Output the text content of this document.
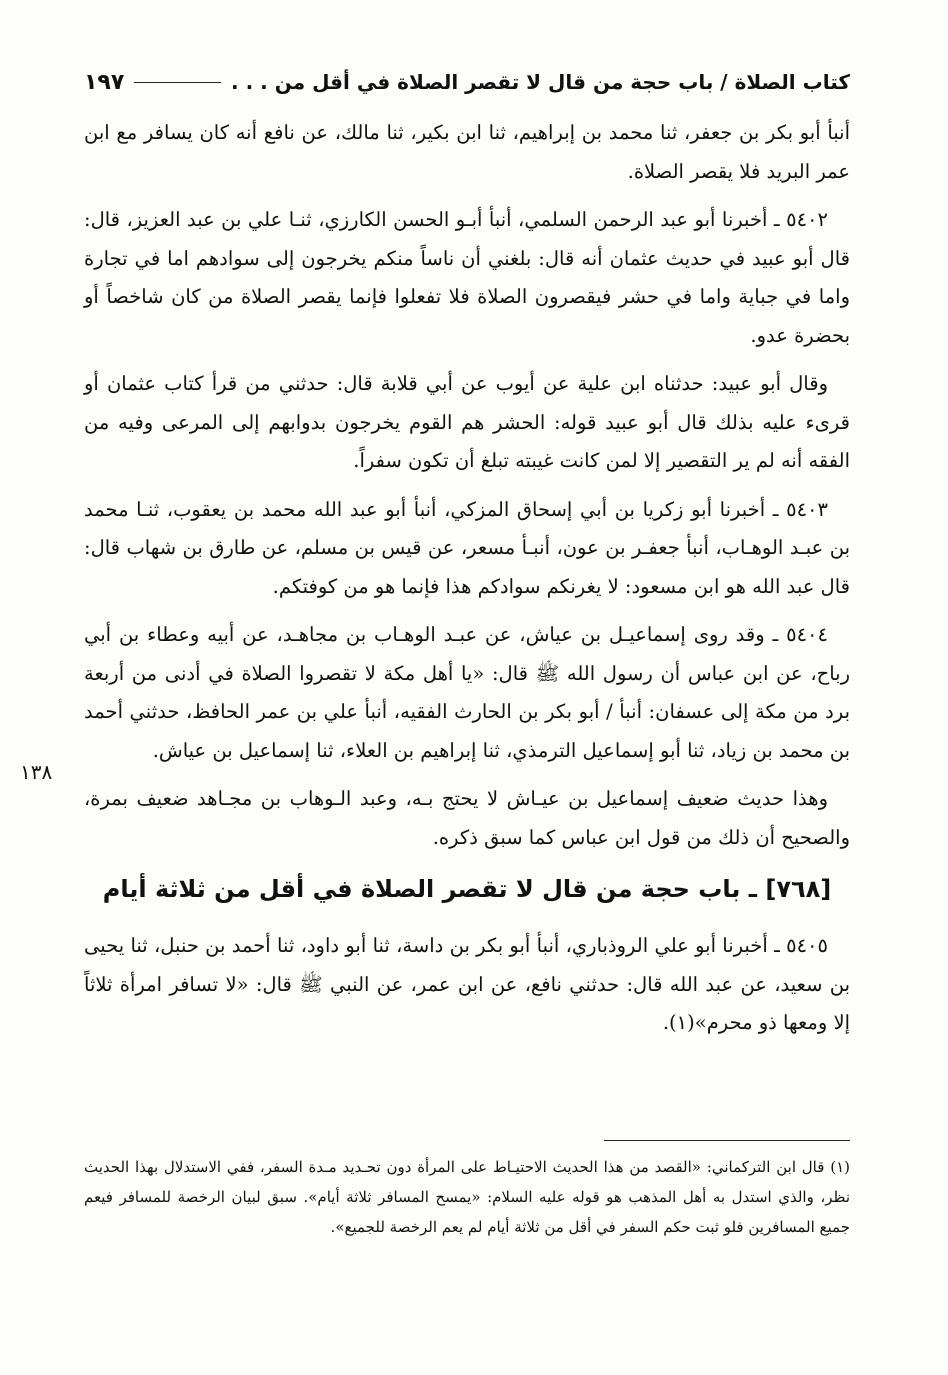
كتاب الصلاة / باب حجة من قال لا تقصر الصلاة في أقل من . . .
١٩٧

أنبأ أبو بكر بن جعفر، ثنا محمد بن إبراهيم، ثنا ابن بكير، ثنا مالك، عن نافع أنه كان يسافر مع ابن عمر البريد فلا يقصر الصلاة.

٥٤٠٢ ـ أخبرنا أبو عبد الرحمن السلمي، أنبأ أبـو الحسن الكارزي، ثنـا علي بن عبد العزيز، قال: قال أبو عبيد في حديث عثمان أنه قال: بلغني أن ناساً منكم يخرجون إلى سوادهم اما في تجارة واما في جباية واما في حشر فيقصرون الصلاة فلا تفعلوا فإنما يقصر الصلاة من كان شاخصاً أو بحضرة عدو.

وقال أبو عبيد: حدثناه ابن علية عن أيوب عن أبي قلابة قال: حدثني من قرأ كتاب عثمان أو قرىء عليه بذلك قال أبو عبيد قوله: الحشر هم القوم يخرجون بدوابهم إلى المرعى وفيه من الفقه أنه لم ير التقصير إلا لمن كانت غيبته تبلغ أن تكون سفراً.

٥٤٠٣ ـ أخبرنا أبو زكريا بن أبي إسحاق المزكي، أنبأ أبو عبد الله محمد بن يعقوب، ثنـا محمد بن عبـد الوهـاب، أنبأ جعفـر بن عون، أنبـأ مسعر، عن قيس بن مسلم، عن طارق بن شهاب قال: قال عبد الله هو ابن مسعود: لا يغرنكم سوادكم هذا فإنما هو من كوفتكم.

٥٤٠٤ ـ وقد روى إسماعيـل بن عياش، عن عبـد الوهـاب بن مجاهـد، عن أبيه وعطاء بن أبي رباح، عن ابن عباس أن رسول الله ﷺ قال: «يا أهل مكة لا تقصروا الصلاة في أدنى من أربعة برد من مكة إلى عسفان: أنبأ / أبو بكر بن الحارث الفقيه، أنبأ علي بن عمر الحافظ، حدثني أحمد بن محمد بن زياد، ثنا أبو إسماعيل الترمذي، ثنا إبراهيم بن العلاء، ثنا إسماعيل بن عياش.

وهذا حديث ضعيف إسماعيل بن عيـاش لا يحتج بـه، وعبد الـوهاب بن مجـاهد ضعيف بمرة، والصحيح أن ذلك من قول ابن عباس كما سبق ذكره.

[٧٦٨] ـ باب حجة من قال لا تقصر الصلاة في أقل من ثلاثة أيام

٥٤٠٥ ـ أخبرنا أبو علي الروذباري، أنبأ أبو بكر بن داسة، ثنا أبو داود، ثنا أحمد بن حنبل، ثنا يحيى بن سعيد، عن عبد الله قال: حدثني نافع، عن ابن عمر، عن النبي ﷺ قال: «لا تسافر امرأة ثلاثاً إلا ومعها ذو محرم»(١).

١٣٨
(١) قال ابن التركماني: «القصد من هذا الحديث الاحتيـاط على المرأة دون تحـديد مـدة السفر، ففي الاستدلال بهذا الحديث نظر، والذي استدل به أهل المذهب هو قوله عليه السلام: «يمسح المسافر ثلاثة أيام». سبق لبيان الرخصة للمسافر فيعم جميع المسافرين فلو ثبت حكم السفر في أقل من ثلاثة أيام لم يعم الرخصة للجميع».
